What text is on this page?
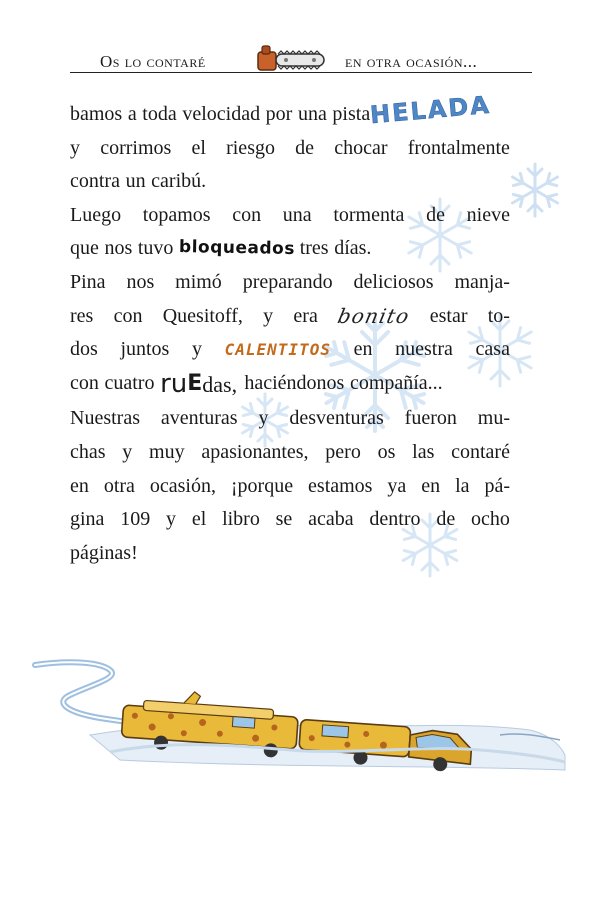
Os lo contaré	en otra ocasión...
HELADA
bamos a toda velocidad por una pista
y corrimos el riesgo de chocar frontalmente
contra un caribú.
Luego topamos con una tormenta de nieve
que nos tuvo bloqueados tres días.
Pina nos mimó preparando deliciosos manja-
res con Quesitoff, y era bonito estar to-
dos juntos y CALENTITOS en nuestra casa
con cuatro ruEdas, haciéndonos compañía...
Nuestras aventuras y desventuras fueron mu-
chas y muy apasionantes, pero os las contaré
en otra ocasión, ¡porque estamos ya en la pá-
gina 109 y el libro se acaba dentro de ocho
páginas!
